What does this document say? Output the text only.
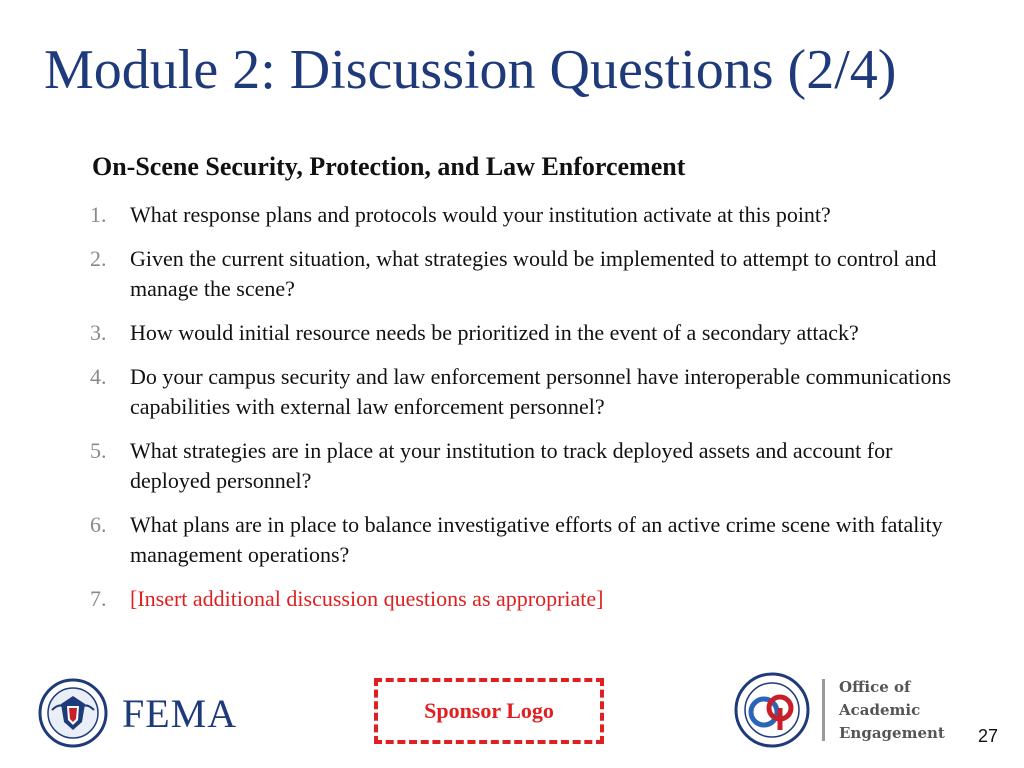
Module 2: Discussion Questions (2/4)
On-Scene Security, Protection, and Law Enforcement
1.	What response plans and protocols would your institution activate at this point?
2.	Given the current situation, what strategies would be implemented to attempt to control and manage the scene?
3.	How would initial resource needs be prioritized in the event of a secondary attack?
4.	Do your campus security and law enforcement personnel have interoperable communications capabilities with external law enforcement personnel?
5.	What strategies are in place at your institution to track deployed assets and account for deployed personnel?
6.	What plans are in place to balance investigative efforts of an active crime scene with fatality management operations?
7.	[Insert additional discussion questions as appropriate]
FEMA	Sponsor Logo
Office of
Academic
Engagement 27
